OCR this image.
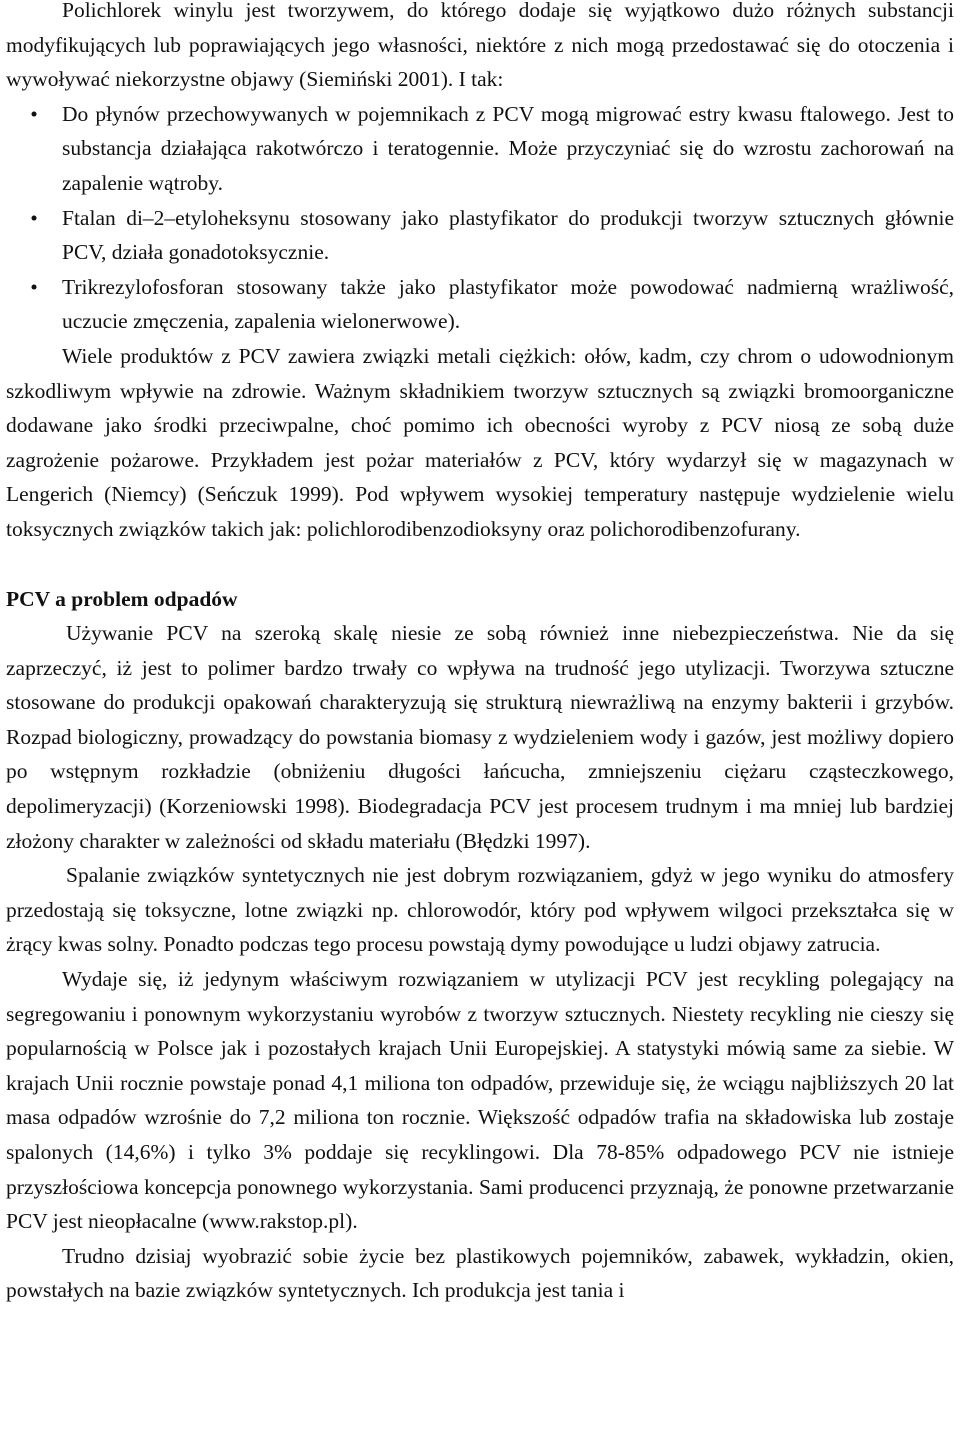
Polichlorek winylu jest tworzywem, do którego dodaje się wyjątkowo dużo różnych substancji modyfikujących lub poprawiających jego własności, niektóre z nich mogą przedostawać się do otoczenia i wywoływać niekorzystne objawy (Siemiński 2001). I tak:

• Do płynów przechowywanych w pojemnikach z PCV mogą migrować estry kwasu ftalowego. Jest to substancja działająca rakotwórczo i teratogennie. Może przyczyniać się do wzrostu zachorowań na zapalenie wątroby.
• Ftalan di–2–etyloheksynu stosowany jako plastyfikator do produkcji tworzyw sztucznych głównie PCV, działa gonadotoksycznie.
• Trikrezylofosforan stosowany także jako plastyfikator może powodować nadmierną wrażliwość, uczucie zmęczenia, zapalenia wielonerwowe).

Wiele produktów z PCV zawiera związki metali ciężkich: ołów, kadm, czy chrom o udowodnionym szkodliwym wpływie na zdrowie. Ważnym składnikiem tworzyw sztucznych są związki bromoorganiczne dodawane jako środki przeciwpalne, choć pomimo ich obecności wyroby z PCV niosą ze sobą duże zagrożenie pożarowe. Przykładem jest pożar materiałów z PCV, który wydarzył się w magazynach w Lengerich (Niemcy) (Seńczuk 1999). Pod wpływem wysokiej temperatury następuje wydzielenie wielu toksycznych związków takich jak: polichlorodibenzodioksyny oraz polichorodibenzofurany.

PCV a problem odpadów

Używanie PCV na szeroką skalę niesie ze sobą również inne niebezpieczeństwa. Nie da się zaprzeczyć, iż jest to polimer bardzo trwały co wpływa na trudność jego utylizacji. Tworzywa sztuczne stosowane do produkcji opakowań charakteryzują się strukturą niewrażliwą na enzymy bakterii i grzybów. Rozpad biologiczny, prowadzący do powstania biomasy z wydzieleniem wody i gazów, jest możliwy dopiero po wstępnym rozkładzie (obniżeniu długości łańcucha, zmniejszeniu ciężaru cząsteczkowego, depolimeryzacji) (Korzeniowski 1998). Biodegradacja PCV jest procesem trudnym i ma mniej lub bardziej złożony charakter w zależności od składu materiału (Błędzki 1997).

Spalanie związków syntetycznych nie jest dobrym rozwiązaniem, gdyż w jego wyniku do atmosfery przedostają się toksyczne, lotne związki np. chlorowodór, który pod wpływem wilgoci przekształca się w żrący kwas solny. Ponadto podczas tego procesu powstają dymy powodujące u ludzi objawy zatrucia.

Wydaje się, iż jedynym właściwym rozwiązaniem w utylizacji PCV jest recykling polegający na segregowaniu i ponownym wykorzystaniu wyrobów z tworzyw sztucznych. Niestety recykling nie cieszy się popularnością w Polsce jak i pozostałych krajach Unii Europejskiej. A statystyki mówią same za siebie. W krajach Unii rocznie powstaje ponad 4,1 miliona ton odpadów, przewiduje się, że wciągu najbliższych 20 lat masa odpadów wzrośnie do 7,2 miliona ton rocznie. Większość odpadów trafia na składowiska lub zostaje spalonych (14,6%) i tylko 3% poddaje się recyklingowi. Dla 78-85% odpadowego PCV nie istnieje przyszłościowa koncepcja ponownego wykorzystania. Sami producenci przyznają, że ponowne przetwarzanie PCV jest nieopłacalne (www.rakstop.pl).

Trudno dzisiaj wyobrazić sobie życie bez plastikowych pojemników, zabawek, wykładzin, okien, powstałych na bazie związków syntetycznych. Ich produkcja jest tania i
